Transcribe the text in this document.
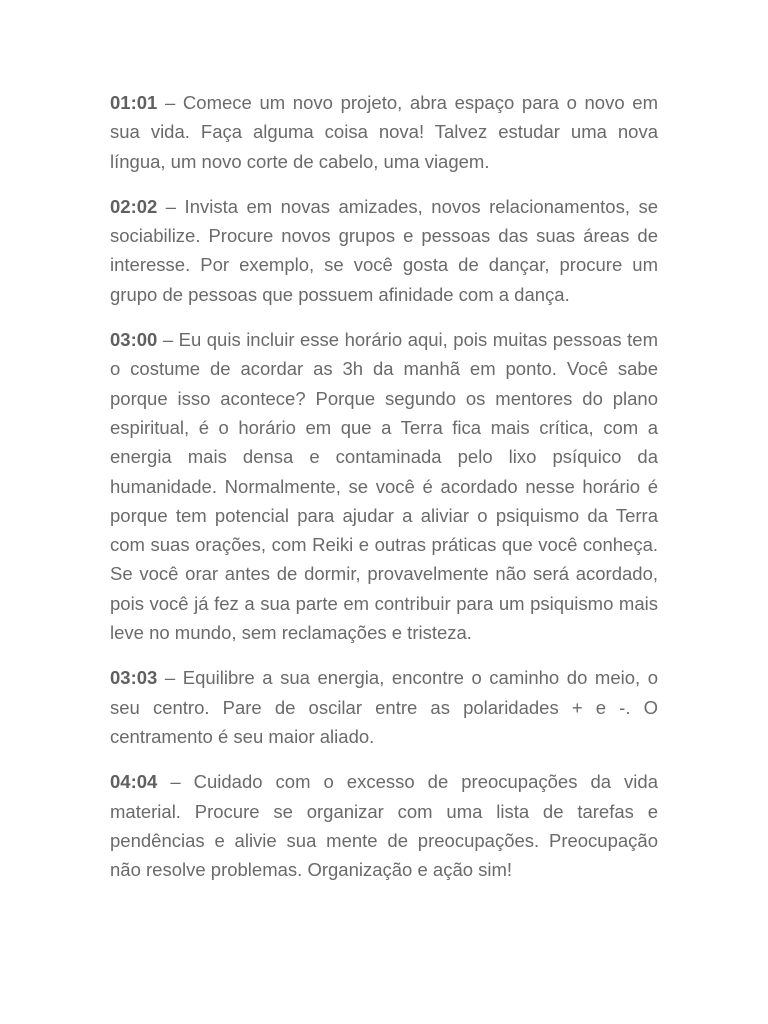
01:01 – Comece um novo projeto, abra espaço para o novo em sua vida. Faça alguma coisa nova! Talvez estudar uma nova língua, um novo corte de cabelo, uma viagem.

02:02 – Invista em novas amizades, novos relacionamentos, se sociabilize. Procure novos grupos e pessoas das suas áreas de interesse. Por exemplo, se você gosta de dançar, procure um grupo de pessoas que possuem afinidade com a dança.

03:00 – Eu quis incluir esse horário aqui, pois muitas pessoas tem o costume de acordar as 3h da manhã em ponto. Você sabe porque isso acontece? Porque segundo os mentores do plano espiritual, é o horário em que a Terra fica mais crítica, com a energia mais densa e contaminada pelo lixo psíquico da humanidade. Normalmente, se você é acordado nesse horário é porque tem potencial para ajudar a aliviar o psiquismo da Terra com suas orações, com Reiki e outras práticas que você conheça. Se você orar antes de dormir, provavelmente não será acordado, pois você já fez a sua parte em contribuir para um psiquismo mais leve no mundo, sem reclamações e tristeza.

03:03 – Equilibre a sua energia, encontre o caminho do meio, o seu centro. Pare de oscilar entre as polaridades + e -. O centramento é seu maior aliado.

04:04 – Cuidado com o excesso de preocupações da vida material. Procure se organizar com uma lista de tarefas e pendências e alivie sua mente de preocupações. Preocupação não resolve problemas. Organização e ação sim!
